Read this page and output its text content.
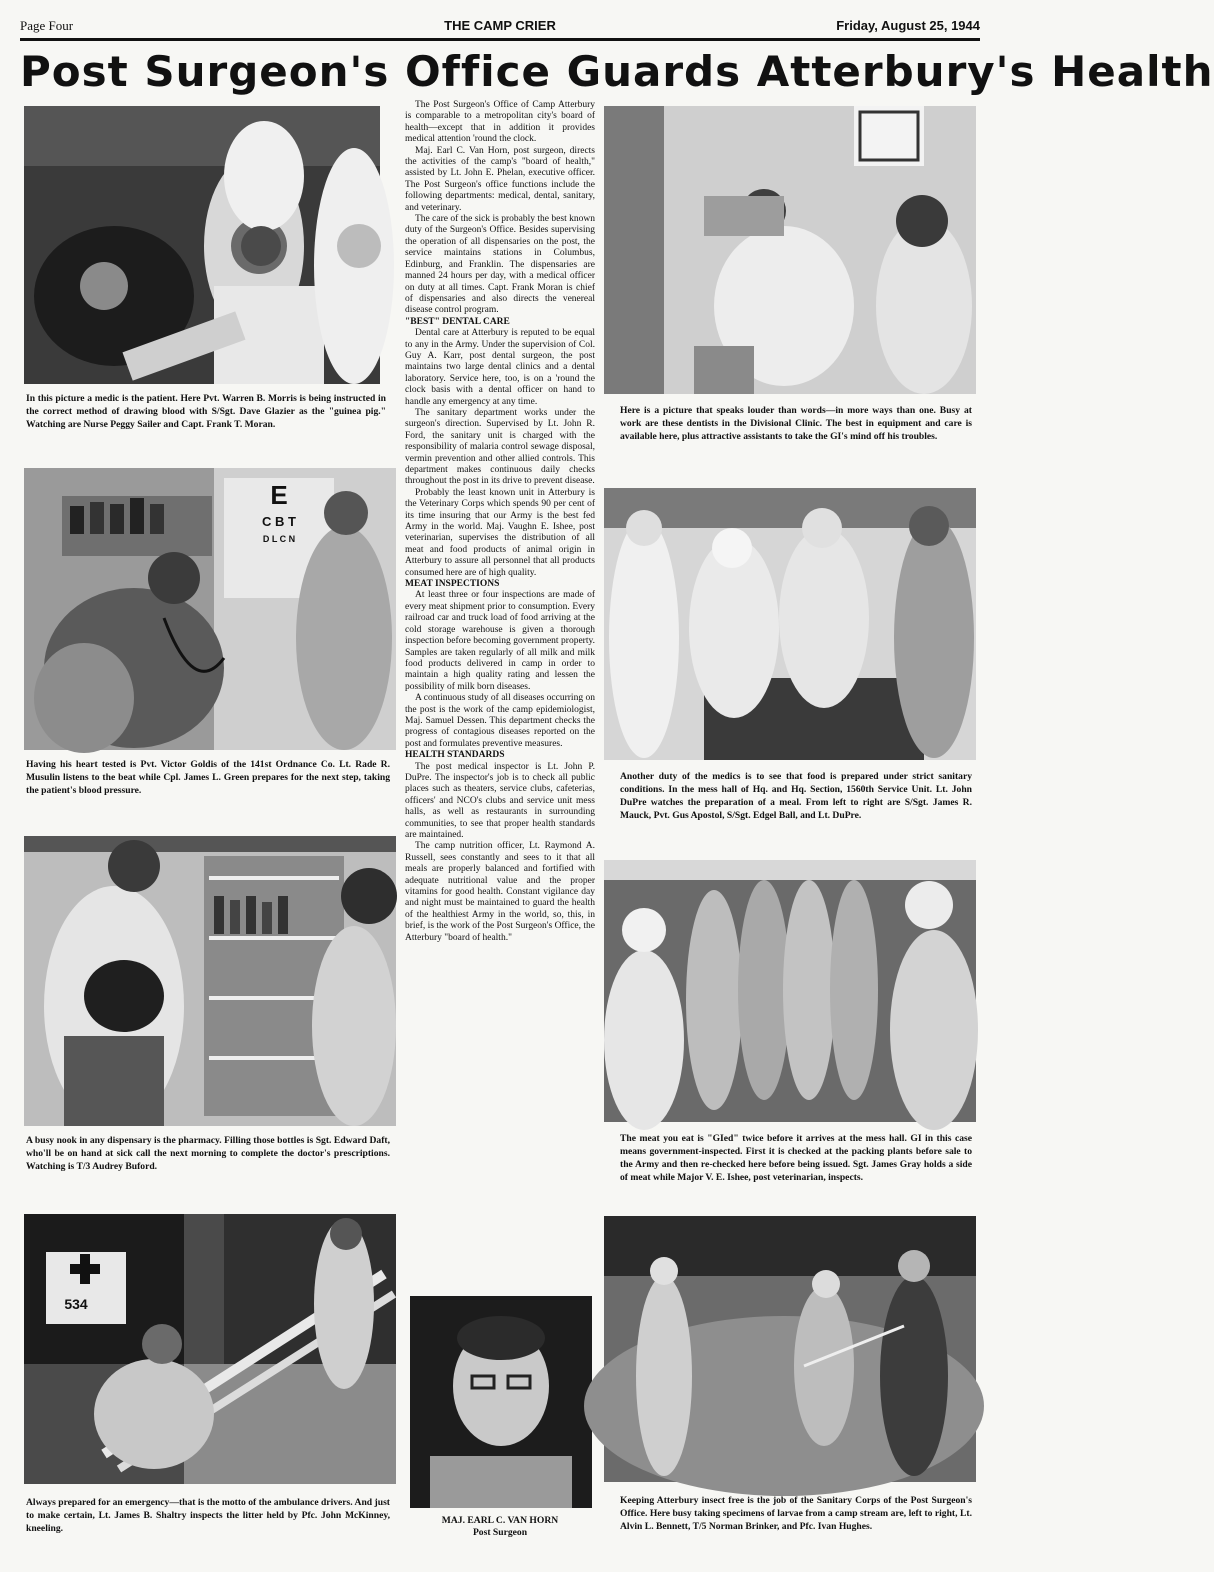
Page Four	THE CAMP CRIER	Friday, August 25, 1944
Post Surgeon's Office Guards Atterbury's Health
In this picture a medic is the patient. Here Pvt. Warren B. Morris is being instructed in the correct method of drawing blood with S/Sgt. Dave Glazier as the "guinea pig." Watching are Nurse Peggy Sailer and Capt. Frank T. Moran.
E
C B T
D L C N
Having his heart tested is Pvt. Victor Goldis of the 141st Ordnance Co. Lt. Rade R. Musulin listens to the beat while Cpl. James L. Green prepares for the next step, taking the patient's blood pressure.
A busy nook in any dispensary is the pharmacy. Filling those bottles is Sgt. Edward Daft, who'll be on hand at sick call the next morning to complete the doctor's prescriptions. Watching is T/3 Audrey Buford.
534
Always prepared for an emergency—that is the motto of the ambulance drivers. And just to make certain, Lt. James B. Shaltry inspects the litter held by Pfc. John McKinney, kneeling.

The Post Surgeon's Office of Camp Atterbury is comparable to a metropolitan city's board of health—except that in addition it provides medical attention 'round the clock.

Maj. Earl C. Van Horn, post surgeon, directs the activities of the camp's "board of health," assisted by Lt. John E. Phelan, executive officer. The Post Surgeon's office functions include the following departments: medical, dental, sanitary, and veterinary.

The care of the sick is probably the best known duty of the Surgeon's Office. Besides supervising the operation of all dispensaries on the post, the service maintains stations in Columbus, Edinburg, and Franklin. The dispensaries are manned 24 hours per day, with a medical officer on duty at all times. Capt. Frank Moran is chief of dispensaries and also directs the venereal disease control program.

"BEST" DENTAL CARE

Dental care at Atterbury is reputed to be equal to any in the Army. Under the supervision of Col. Guy A. Karr, post dental surgeon, the post maintains two large dental clinics and a dental laboratory. Service here, too, is on a 'round the clock basis with a dental officer on hand to handle any emergency at any time.

The sanitary department works under the surgeon's direction. Supervised by Lt. John R. Ford, the sanitary unit is charged with the responsibility of malaria control sewage disposal, vermin prevention and other allied controls. This department makes continuous daily checks throughout the post in its drive to prevent disease.

Probably the least known unit in Atterbury is the Veterinary Corps which spends 90 per cent of its time insuring that our Army is the best fed Army in the world. Maj. Vaughn E. Ishee, post veterinarian, supervises the distribution of all meat and food products of animal origin in Atterbury to assure all personnel that all products consumed here are of high quality.

MEAT INSPECTIONS

At least three or four inspections are made of every meat shipment prior to consumption. Every railroad car and truck load of food arriving at the cold storage warehouse is given a thorough inspection before becoming government property. Samples are taken regularly of all milk and milk food products delivered in camp in order to maintain a high quality rating and lessen the possibility of milk born diseases.

A continuous study of all diseases occurring on the post is the work of the camp epidemiologist, Maj. Samuel Dessen. This department checks the progress of contagious diseases reported on the post and formulates preventive measures.

HEALTH STANDARDS

The post medical inspector is Lt. John P. DuPre. The inspector's job is to check all public places such as theaters, service clubs, cafeterias, officers' and NCO's clubs and service unit mess halls, as well as restaurants in surrounding communities, to see that proper health standards are maintained.

The camp nutrition officer, Lt. Raymond A. Russell, sees constantly and sees to it that all meals are properly balanced and fortified with adequate nutritional value and the proper vitamins for good health. Constant vigilance day and night must be maintained to guard the health of the healthiest Army in the world, so, this, in brief, is the work of the Post Surgeon's Office, the Atterbury "board of health."

MAJ. EARL C. VAN HORN
Post Surgeon
Here is a picture that speaks louder than words—in more ways than one. Busy at work are these dentists in the Divisional Clinic. The best in equipment and care is available here, plus attractive assistants to take the GI's mind off his troubles.
Another duty of the medics is to see that food is prepared under strict sanitary conditions. In the mess hall of Hq. and Hq. Section, 1560th Service Unit. Lt. John DuPre watches the preparation of a meal. From left to right are S/Sgt. James R. Mauck, Pvt. Gus Apostol, S/Sgt. Edgel Ball, and Lt. DuPre.
The meat you eat is "GIed" twice before it arrives at the mess hall. GI in this case means government-inspected. First it is checked at the packing plants before sale to the Army and then re-checked here before being issued. Sgt. James Gray holds a side of meat while Major V. E. Ishee, post veterinarian, inspects.
Keeping Atterbury insect free is the job of the Sanitary Corps of the Post Surgeon's Office. Here busy taking specimens of larvae from a camp stream are, left to right, Lt. Alvin L. Bennett, T/5 Norman Brinker, and Pfc. Ivan Hughes.
